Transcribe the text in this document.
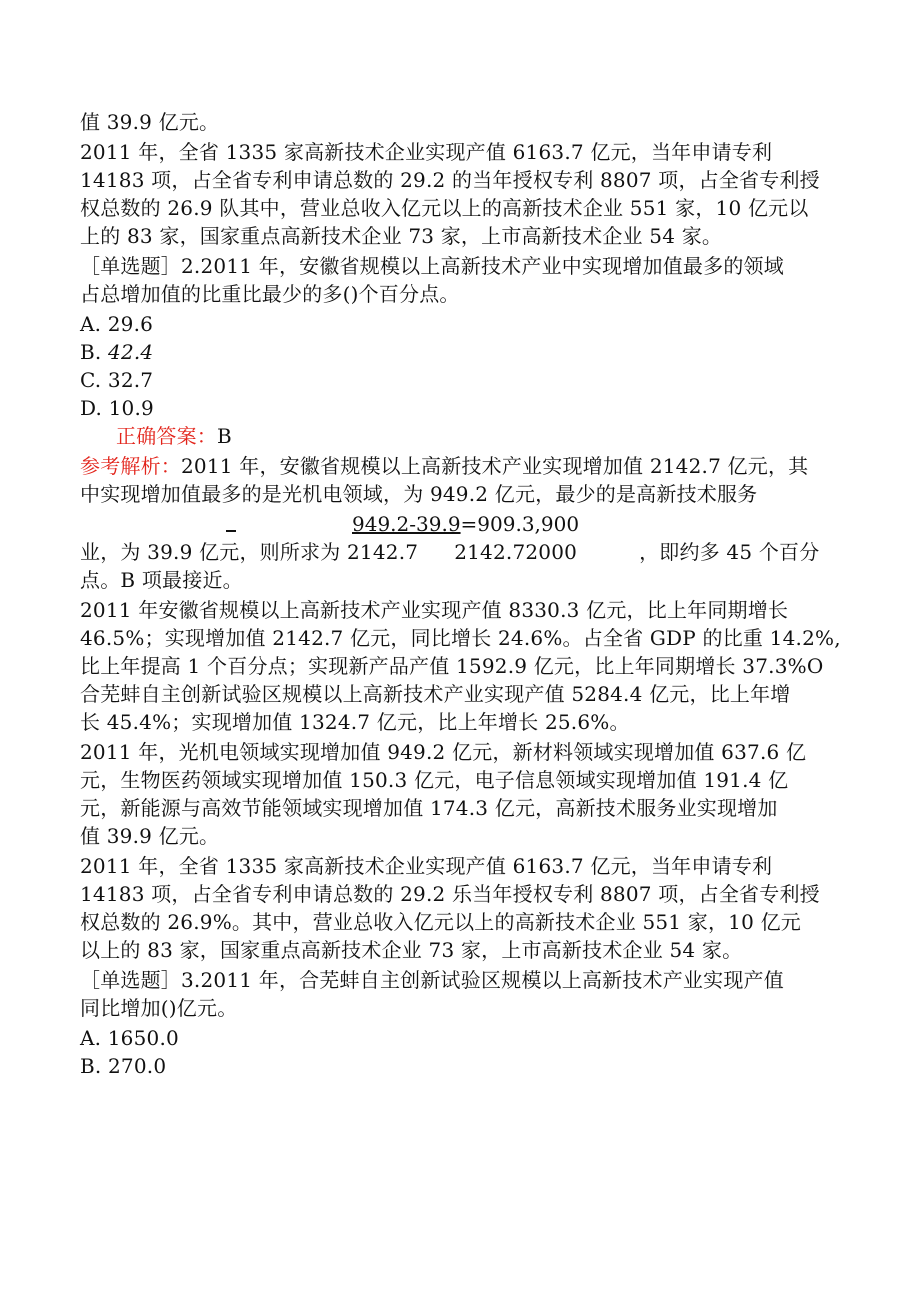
值 39.9 亿元。
2011 年，全省 1335 家高新技术企业实现产值 6163.7 亿元，当年申请专利
14183 项，占全省专利申请总数的 29.2 的当年授权专利 8807 项，占全省专利授
权总数的 26.9 队其中，营业总收入亿元以上的高新技术企业 551 家，10 亿元以
上的 83 家，国家重点高新技术企业 73 家，上市高新技术企业 54 家。
［单选题］2.2011 年，安徽省规模以上高新技术产业中实现增加值最多的领域
占总增加值的比重比最少的多()个百分点。
A. 29.6
B. 42.4
C. 32.7
D. 10.9
正确答案：B
参考解析：2011 年，安徽省规模以上高新技术产业实现增加值 2142.7 亿元，其
中实现增加值最多的是光机电领域，为 949.2 亿元，最少的是高新技术服务
949.2-39.9=909.3,900
业，为 39.9 亿元，则所求为 2142.7 2142.72000	，即约多 45 个百分
点。B 项最接近。
2011 年安徽省规模以上高新技术产业实现产值 8330.3 亿元，比上年同期增长
46.5%；实现增加值 2142.7 亿元，同比增长 24.6%。占全省 GDP 的比重 14.2%,
比上年提高 1 个百分点；实现新产品产值 1592.9 亿元，比上年同期增长 37.3%O
合芜蚌自主创新试验区规模以上高新技术产业实现产值 5284.4 亿元，比上年增
长 45.4%；实现增加值 1324.7 亿元，比上年增长 25.6%。
2011 年，光机电领域实现增加值 949.2 亿元，新材料领域实现增加值 637.6 亿
元，生物医药领域实现增加值 150.3 亿元，电子信息领域实现增加值 191.4 亿
元，新能源与高效节能领域实现增加值 174.3 亿元，高新技术服务业实现增加
值 39.9 亿元。
2011 年，全省 1335 家高新技术企业实现产值 6163.7 亿元，当年申请专利
14183 项，占全省专利申请总数的 29.2 乐当年授权专利 8807 项，占全省专利授
权总数的 26.9%。其中，营业总收入亿元以上的高新技术企业 551 家，10 亿元
以上的 83 家，国家重点高新技术企业 73 家，上市高新技术企业 54 家。
［单选题］3.2011 年，合芜蚌自主创新试验区规模以上高新技术产业实现产值
同比增加()亿元。
A. 1650.0
B. 270.0
